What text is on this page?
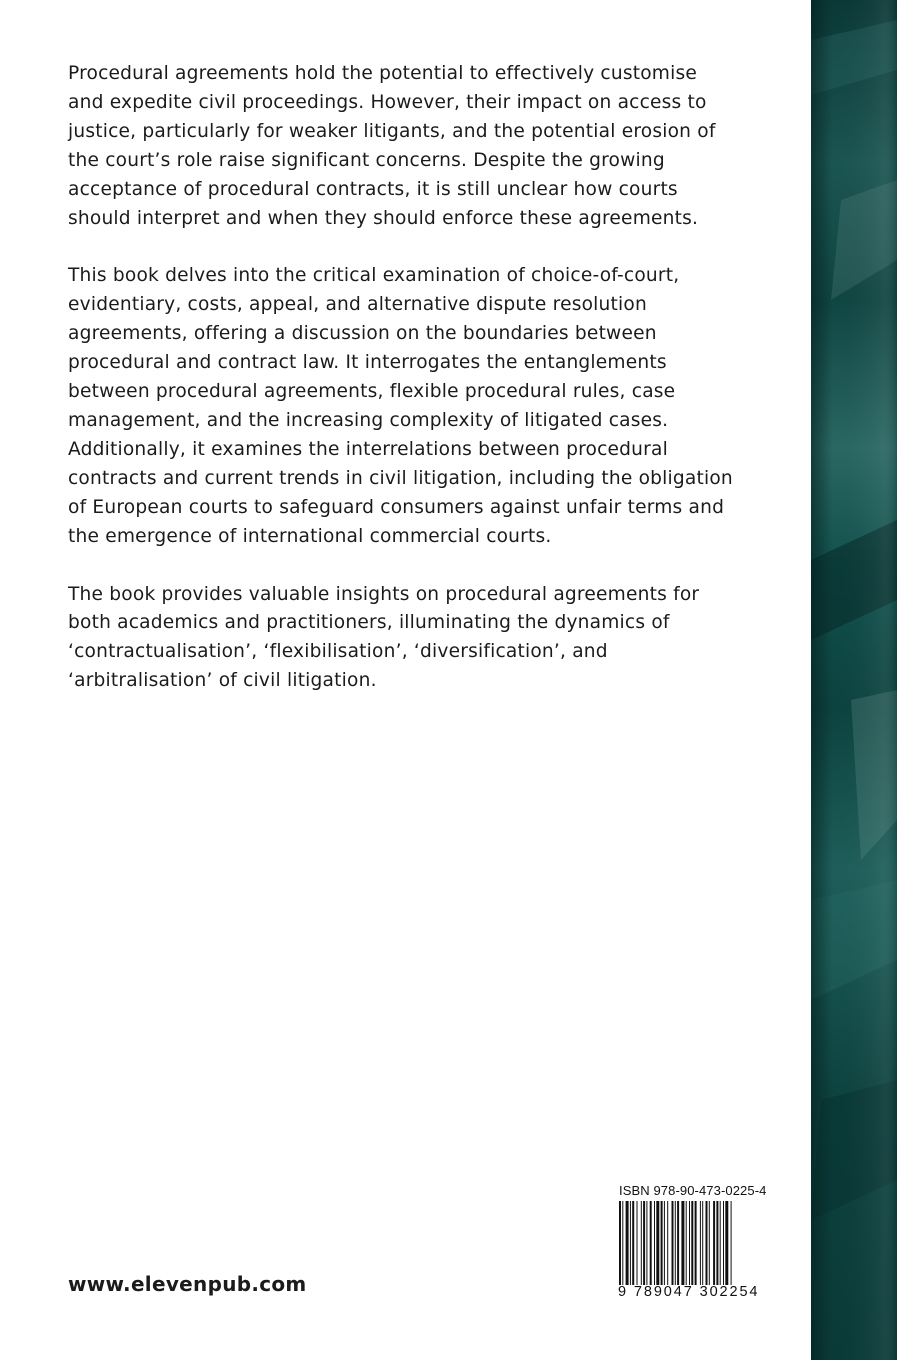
Procedural agreements hold the potential to effectively customise and expedite civil proceedings. However, their impact on access to justice, particularly for weaker litigants, and the potential erosion of the court’s role raise significant concerns. Despite the growing acceptance of procedural contracts, it is still unclear how courts should interpret and when they should enforce these agreements.

This book delves into the critical examination of choice-of-court, evidentiary, costs, appeal, and alternative dispute resolution agreements, offering a discussion on the boundaries between procedural and contract law. It interrogates the entanglements between procedural agreements, flexible procedural rules, case management, and the increasing complexity of litigated cases. Additionally, it examines the interrelations between procedural contracts and current trends in civil litigation, including the obligation of European courts to safeguard consumers against unfair terms and the emergence of international commercial courts.

The book provides valuable insights on procedural agreements for both academics and practitioners, illuminating the dynamics of ‘contractualisation’, ‘flexibilisation’, ‘diversification’, and ‘arbitralisation’ of civil litigation.

www.elevenpub.com
ISBN 978-90-473-0225-4
9 789047 302254
